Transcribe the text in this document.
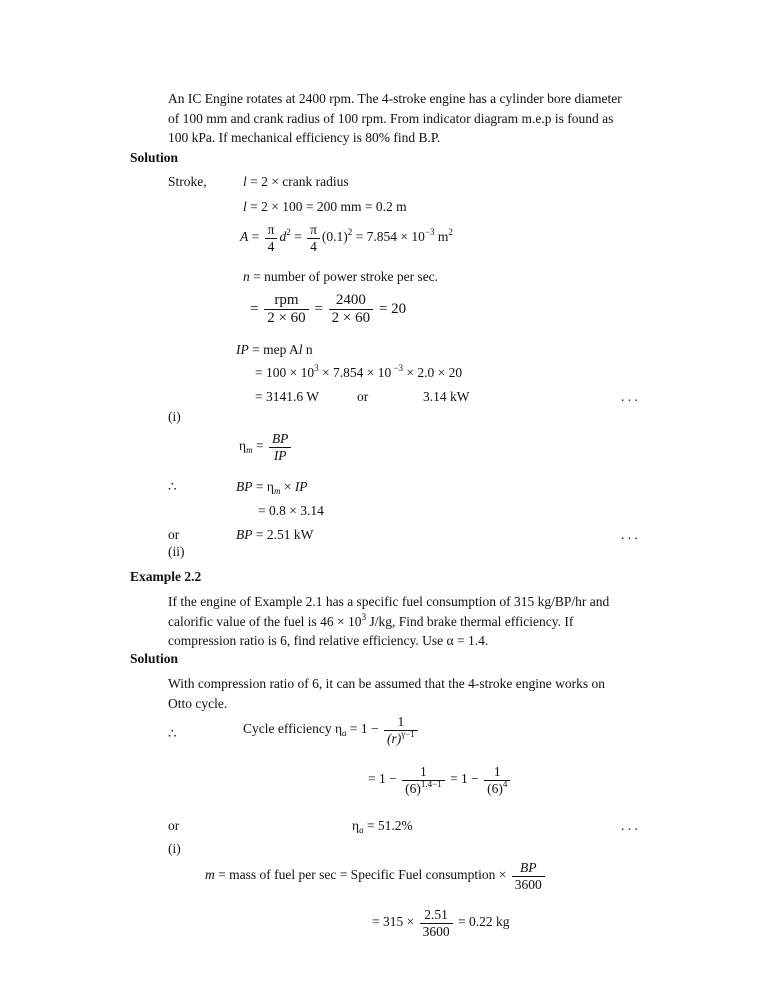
An IC Engine rotates at 2400 rpm. The 4-stroke engine has a cylinder bore diameter
of 100 mm and crank radius of 100 rpm. From indicator diagram m.e.p is found as
100 kPa. If mechanical efficiency is 80% find B.P.
Solution
Stroke,	l = 2 × crank radius
l = 2 × 100 = 200 mm = 0.2 m
$A = \frac{\pi}{4} d^2 = \frac{\pi}{4} (0.1)^2 = 7.854 \times 10^{-3}$ $m^2$
n = number of power stroke per sec.
= $\frac{\text{rpm}}{2 \times 60} = \frac{2400}{2 \times 60} = 20$
IP = mep Al n
= $100 \times 10^3 \times 7.854 \times 10$ $^{-3}$ × 2.0 × 20
= 3141.6 W	or	3.14 kW	. . .
(i)
$\eta_m = \frac{BP}{IP}$
∴	BP = $\eta_m$ × IP
= 0.8 × 3.14
or	BP = 2.51 kW	. . .
(ii)
Example 2.2
If the engine of Example 2.1 has a specific fuel consumption of 315 kg/BP/hr and
calorific value of the fuel is $46 \times 10^3$ J/kg, Find brake thermal efficiency. If
compression ratio is 6, find relative efficiency. Use α = 1.4.
Solution
With compression ratio of 6, it can be assumed that the 4-stroke engine works on
Otto cycle.
∴	Cycle efficiency $\eta_a = 1 - \frac{1}{(r)^{\gamma-1}}$
= $1 - \frac{1}{(6)^{1.4-1}} = 1 - \frac{1}{(6)^4}$
or	$\eta_a = 51.2\%$	. . .
(i)
m = mass of fuel per sec = Specific Fuel consumption × $\frac{BP}{3600}$
= $315 \times \frac{2.51}{3600} = 0.22$ kg
